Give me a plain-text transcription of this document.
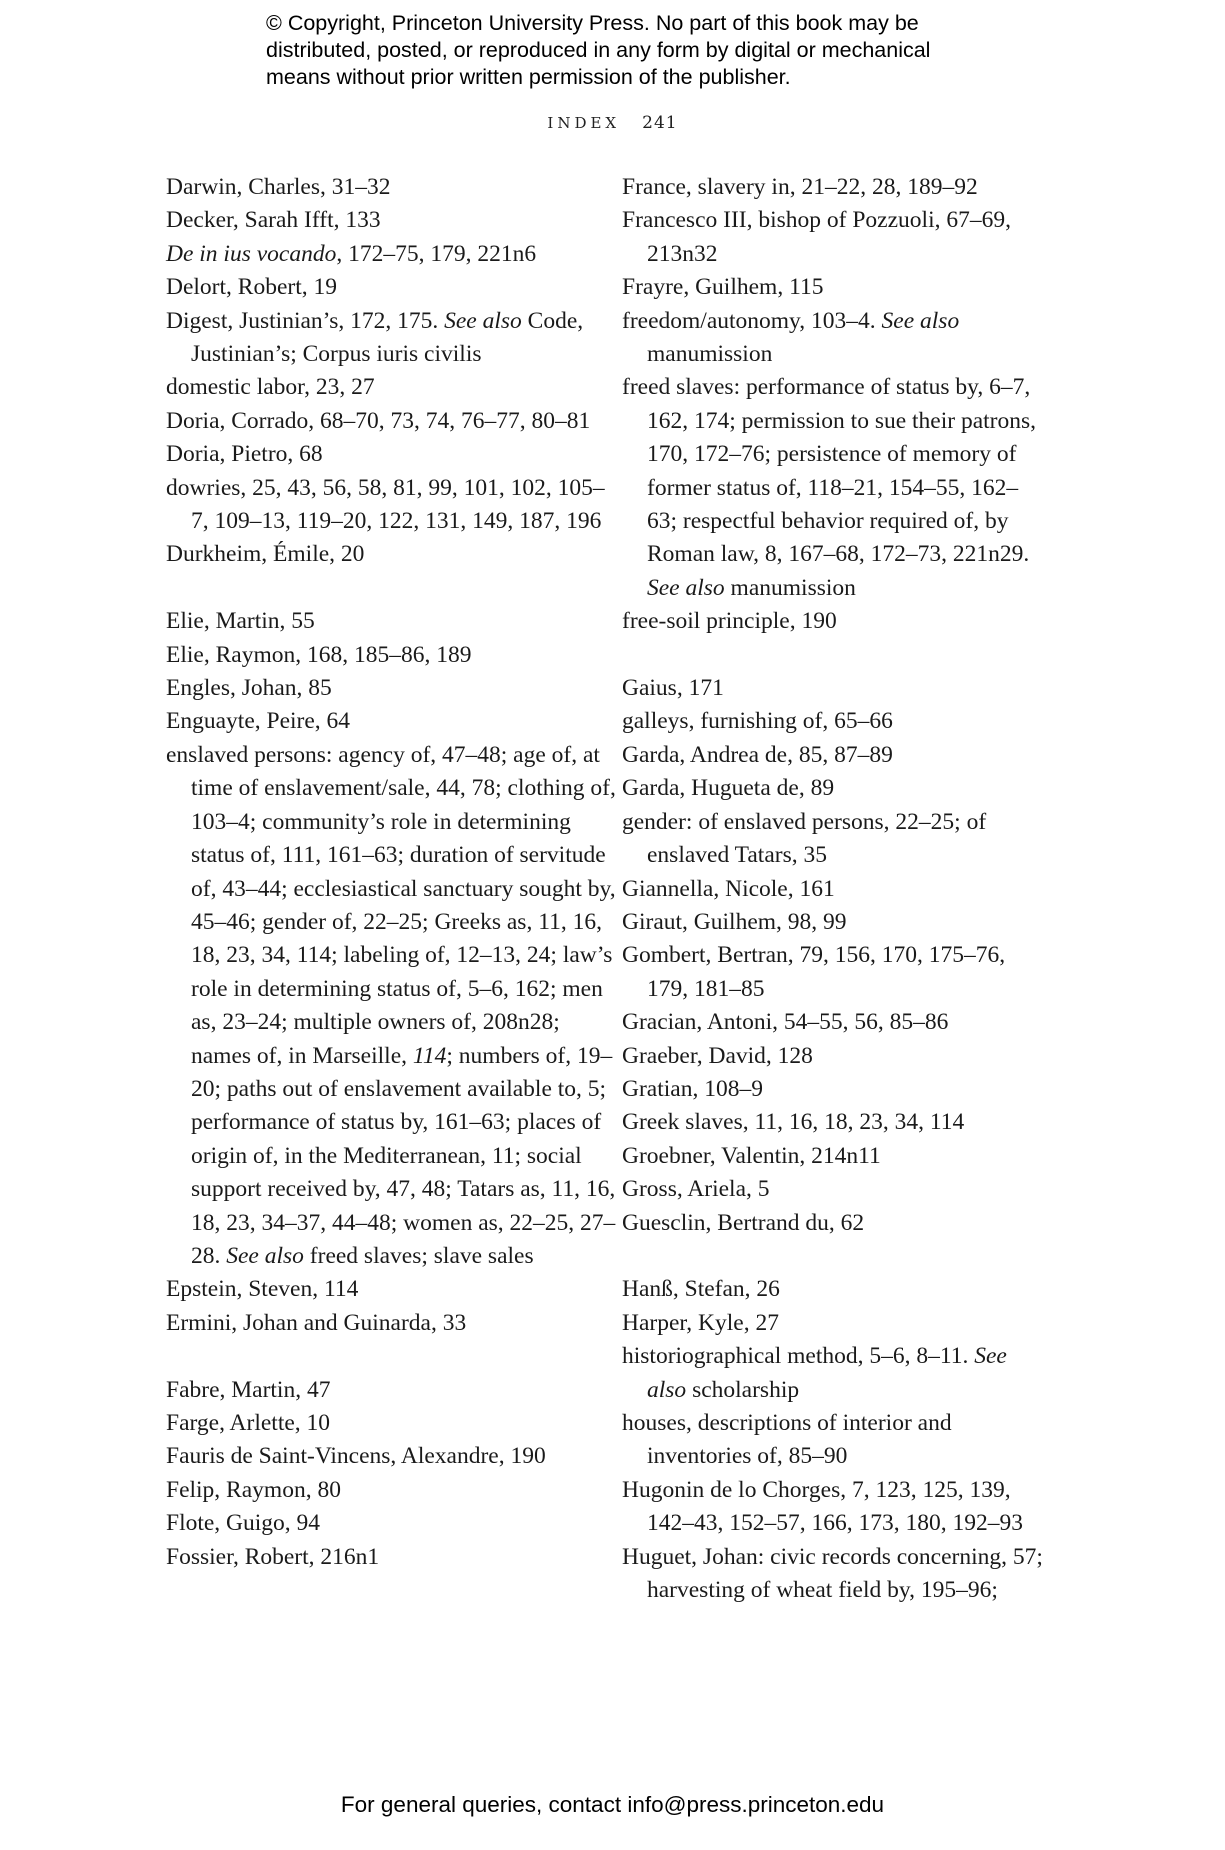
© Copyright, Princeton University Press. No part of this book may be
distributed, posted, or reproduced in any form by digital or mechanical
means without prior written permission of the publisher.
INDEX 241

Darwin, Charles, 31–32

Decker, Sarah Ifft, 133

De in ius vocando, 172–75, 179, 221n6

Delort, Robert, 19

Digest, Justinian’s, 172, 175. See also Code, Justinian’s; Corpus iuris civilis

domestic labor, 23, 27

Doria, Corrado, 68–70, 73, 74, 76–77, 80–81

Doria, Pietro, 68

dowries, 25, 43, 56, 58, 81, 99, 101, 102, 105–7, 109–13, 119–20, 122, 131, 149, 187, 196

Durkheim, Émile, 20

Elie, Martin, 55

Elie, Raymon, 168, 185–86, 189

Engles, Johan, 85

Enguayte, Peire, 64

enslaved persons: agency of, 47–48; age of, at time of enslavement/sale, 44, 78; clothing of, 103–4; community’s role in determining status of, 111, 161–63; duration of servitude of, 43–44; ecclesiastical sanctuary sought by, 45–46; gender of, 22–25; Greeks as, 11, 16, 18, 23, 34, 114; labeling of, 12–13, 24; law’s role in determining status of, 5–6, 162; men as, 23–24; multiple owners of, 208n28; names of, in Marseille, 114; numbers of, 19–20; paths out of enslavement available to, 5; performance of status by, 161–63; places of origin of, in the Mediterranean, 11; social support received by, 47, 48; Tatars as, 11, 16, 18, 23, 34–37, 44–48; women as, 22–25, 27–28. See also freed slaves; slave sales

Epstein, Steven, 114

Ermini, Johan and Guinarda, 33

Fabre, Martin, 47

Farge, Arlette, 10

Fauris de Saint-Vincens, Alexandre, 190

Felip, Raymon, 80

Flote, Guigo, 94

Fossier, Robert, 216n1

France, slavery in, 21–22, 28, 189–92

Francesco III, bishop of Pozzuoli, 67–69, 213n32

Frayre, Guilhem, 115

freedom/autonomy, 103–4. See also manumission

freed slaves: performance of status by, 6–7, 162, 174; permission to sue their patrons, 170, 172–76; persistence of memory of former status of, 118–21, 154–55, 162–63; respectful behavior required of, by Roman law, 8, 167–68, 172–73, 221n29. See also manumission

free-soil principle, 190

Gaius, 171

galleys, furnishing of, 65–66

Garda, Andrea de, 85, 87–89

Garda, Hugueta de, 89

gender: of enslaved persons, 22–25; of enslaved Tatars, 35

Giannella, Nicole, 161

Giraut, Guilhem, 98, 99

Gombert, Bertran, 79, 156, 170, 175–76, 179, 181–85

Gracian, Antoni, 54–55, 56, 85–86

Graeber, David, 128

Gratian, 108–9

Greek slaves, 11, 16, 18, 23, 34, 114

Groebner, Valentin, 214n11

Gross, Ariela, 5

Guesclin, Bertrand du, 62

Hanß, Stefan, 26

Harper, Kyle, 27

historiographical method, 5–6, 8–11. See also scholarship

houses, descriptions of interior and inventories of, 85–90

Hugonin de lo Chorges, 7, 123, 125, 139, 142–43, 152–57, 166, 173, 180, 192–93

Huguet, Johan: civic records concerning, 57; harvesting of wheat field by, 195–96;

For general queries, contact info@press.princeton.edu
